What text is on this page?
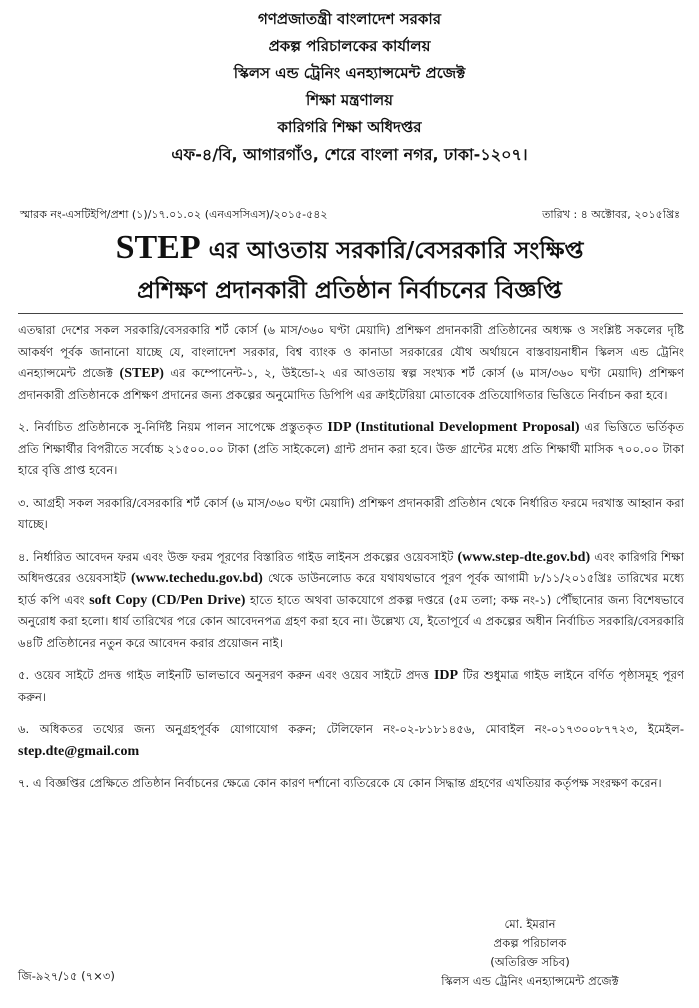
গণপ্রজাতন্ত্রী বাংলাদেশ সরকার
প্রকল্প পরিচালকের কার্যালয়
স্কিলস এন্ড ট্রেনিং এনহ্যান্সমেন্ট প্রজেক্ট
শিক্ষা মন্ত্রণালয়
কারিগরি শিক্ষা অধিদপ্তর
এফ-৪/বি, আগারগাঁও, শেরে বাংলা নগর, ঢাকা-১২০৭।
স্মারক নং-এসটিইপি/প্রশা (১)/১৭.০১.০২ (এনএসসিএস)/২০১৫-৫৪২	তারিখ : ৪ অক্টোবর, ২০১৫খ্রিঃ
STEP এর আওতায় সরকারি/বেসরকারি সংক্ষিপ্ত
প্রশিক্ষণ প্রদানকারী প্রতিষ্ঠান নির্বাচনের বিজ্ঞপ্তি

এতদ্বারা দেশের সকল সরকারি/বেসরকারি শর্ট কোর্স (৬ মাস/৩৬০ ঘণ্টা মেয়াদি) প্রশিক্ষণ প্রদানকারী প্রতিষ্ঠানের অধ্যক্ষ ও সংশ্লিষ্ট সকলের দৃষ্টি আকর্ষণ পূর্বক জানানো যাচ্ছে যে, বাংলাদেশ সরকার, বিশ্ব ব্যাংক ও কানাডা সরকারের যৌথ অর্থায়নে বাস্তবায়নাধীন স্কিলস এন্ড ট্রেনিং এনহ্যান্সমেন্ট প্রজেক্ট (STEP) এর কম্পোনেন্ট-১, ২, উইন্ডো-২ এর আওতায় স্বল্প সংখ্যক শর্ট কোর্স (৬ মাস/৩৬০ ঘণ্টা মেয়াদি) প্রশিক্ষণ প্রদানকারী প্রতিষ্ঠানকে প্রশিক্ষণ প্রদানের জন্য প্রকল্পের অনুমোদিত ডিপিপি এর ক্রাইটেরিয়া মোতাবেক প্রতিযোগিতার ভিত্তিতে নির্বাচন করা হবে।

২. নির্বাচিত প্রতিষ্ঠানকে সু-নির্দিষ্ট নিয়ম পালন সাপেক্ষে প্রস্তুতকৃত IDP (Institutional Development Proposal) এর ভিত্তিতে ভর্তিকৃত প্রতি শিক্ষার্থীর বিপরীতে সর্বোচ্চ ২১৫০০.০০ টাকা (প্রতি সাইকেলে) গ্রান্ট প্রদান করা হবে। উক্ত গ্রান্টের মধ্যে প্রতি শিক্ষার্থী মাসিক ৭০০.০০ টাকা হারে বৃত্তি প্রাপ্ত হবেন।

৩. আগ্রহী সকল সরকারি/বেসরকারি শর্ট কোর্স (৬ মাস/৩৬০ ঘণ্টা মেয়াদি) প্রশিক্ষণ প্রদানকারী প্রতিষ্ঠান থেকে নির্ধারিত ফরমে দরখাস্ত আহ্বান করা যাচ্ছে।

৪. নির্ধারিত আবেদন ফরম এবং উক্ত ফরম পূরণের বিস্তারিত গাইড লাইনস প্রকল্পের ওয়েবসাইট (www.step-dte.gov.bd) এবং কারিগরি শিক্ষা অধিদপ্তরের ওয়েবসাইট (www.techedu.gov.bd) থেকে ডাউনলোড করে যথাযথভাবে পূরণ পূর্বক আগামী ৮/১১/২০১৫খ্রিঃ তারিখের মধ্যে হার্ড কপি এবং soft Copy (CD/Pen Drive) হাতে হাতে অথবা ডাকযোগে প্রকল্প দপ্তরে (৫ম তলা; কক্ষ নং-১) পৌঁছানোর জন্য বিশেষভাবে অনুরোধ করা হলো। ধার্য তারিখের পরে কোন আবেদনপত্র গ্রহণ করা হবে না। উল্লেখ্য যে, ইতোপূর্বে এ প্রকল্পের অধীন নির্বাচিত সরকারি/বেসরকারি ৬৪টি প্রতিষ্ঠানের নতুন করে আবেদন করার প্রয়োজন নাই।

৫. ওয়েব সাইটে প্রদত্ত গাইড লাইনটি ভালভাবে অনুসরণ করুন এবং ওয়েব সাইটে প্রদত্ত IDP টির শুধুমাত্র গাইড লাইনে বর্ণিত পৃষ্ঠাসমূহ পূরণ করুন।

৬. অধিকতর তথ্যের জন্য অনুগ্রহপূর্বক যোগাযোগ করুন; টেলিফোন নং-০২-৮১৮১৪৫৬, মোবাইল নং-০১৭৩০০৮৭৭২৩, ইমেইল- step.dte@gmail.com

৭. এ বিজ্ঞপ্তির প্রেক্ষিতে প্রতিষ্ঠান নির্বাচনের ক্ষেত্রে কোন কারণ দর্শানো ব্যতিরেকে যে কোন সিদ্ধান্ত গ্রহণের এখতিয়ার কর্তৃপক্ষ সংরক্ষণ করেন।

মো. ইমরান
প্রকল্প পরিচালক
(অতিরিক্ত সচিব)
স্কিলস এন্ড ট্রেনিং এনহ্যান্সমেন্ট প্রজেক্ট
জি-৯২৭/১৫ (৭×৩)
